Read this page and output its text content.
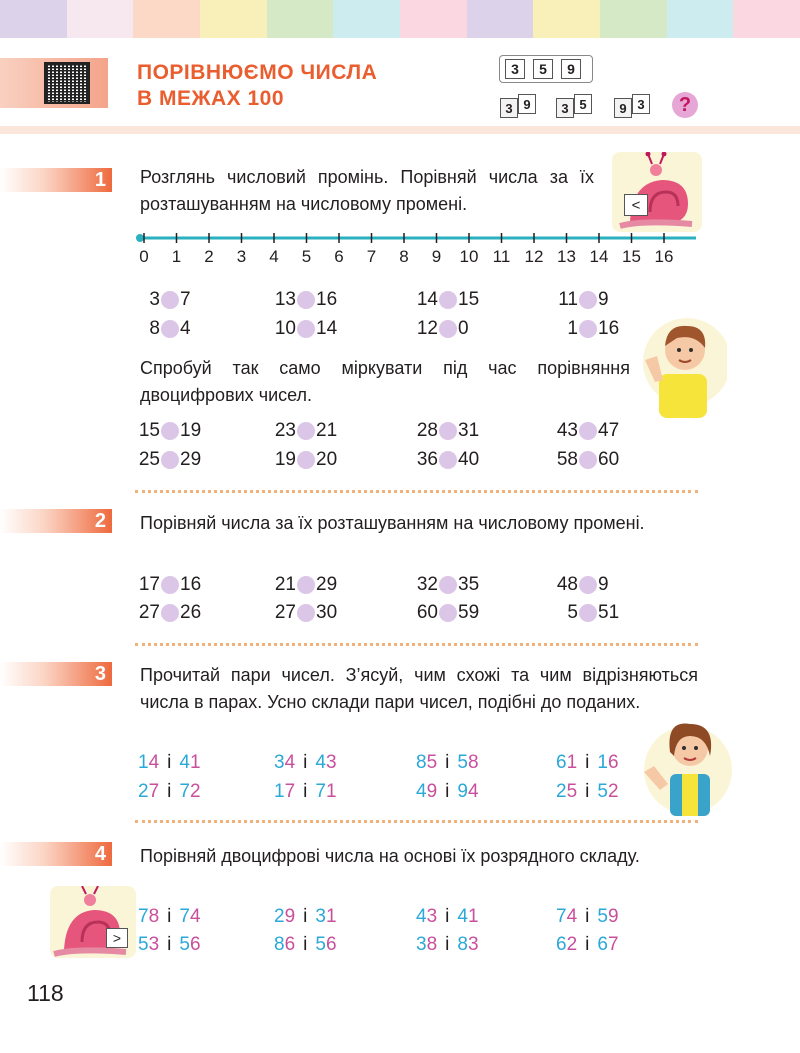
ПОРІВНЮЄМО ЧИСЛА
В МЕЖАХ 100
3	5	9
3 9	3 5	9 3	?
1 Розглянь числовий промінь. Порівняй числа за їх розташуванням на числовому промені.	<
0	1	2	3	4	5	6	7	8	9	10 11 12 13 14 15 16
3 7	13 16	14 15	11 9
8 4	10 14	12 0	1 16
Спробуй так само міркувати під час порівняння двоцифрових чисел.
15 19	23 21	28 31	43 47
25 29	19 20	36 40	58 60
2 Порівняй числа за їх розташуванням на числовому промені.
17 16	21 29	32 35	48 9
27 26	27 30	60 59	5 51
3 Прочитай пари чисел. З’ясуй, чим схожі та чим відрізняються числа в парах. Усно склади пари чисел, подібні до поданих.
14 і 41	34 і 43	85 і 58	61 і 16
27 і 72	17 і 71	49 і 94	25 і 52
4 Порівняй двоцифрові числа на основі їх розрядного складу.
>
78 і 74	29 і 31	43 і 41	74 і 59
53 і 56	86 і 56	38 і 83	62 і 67
118
